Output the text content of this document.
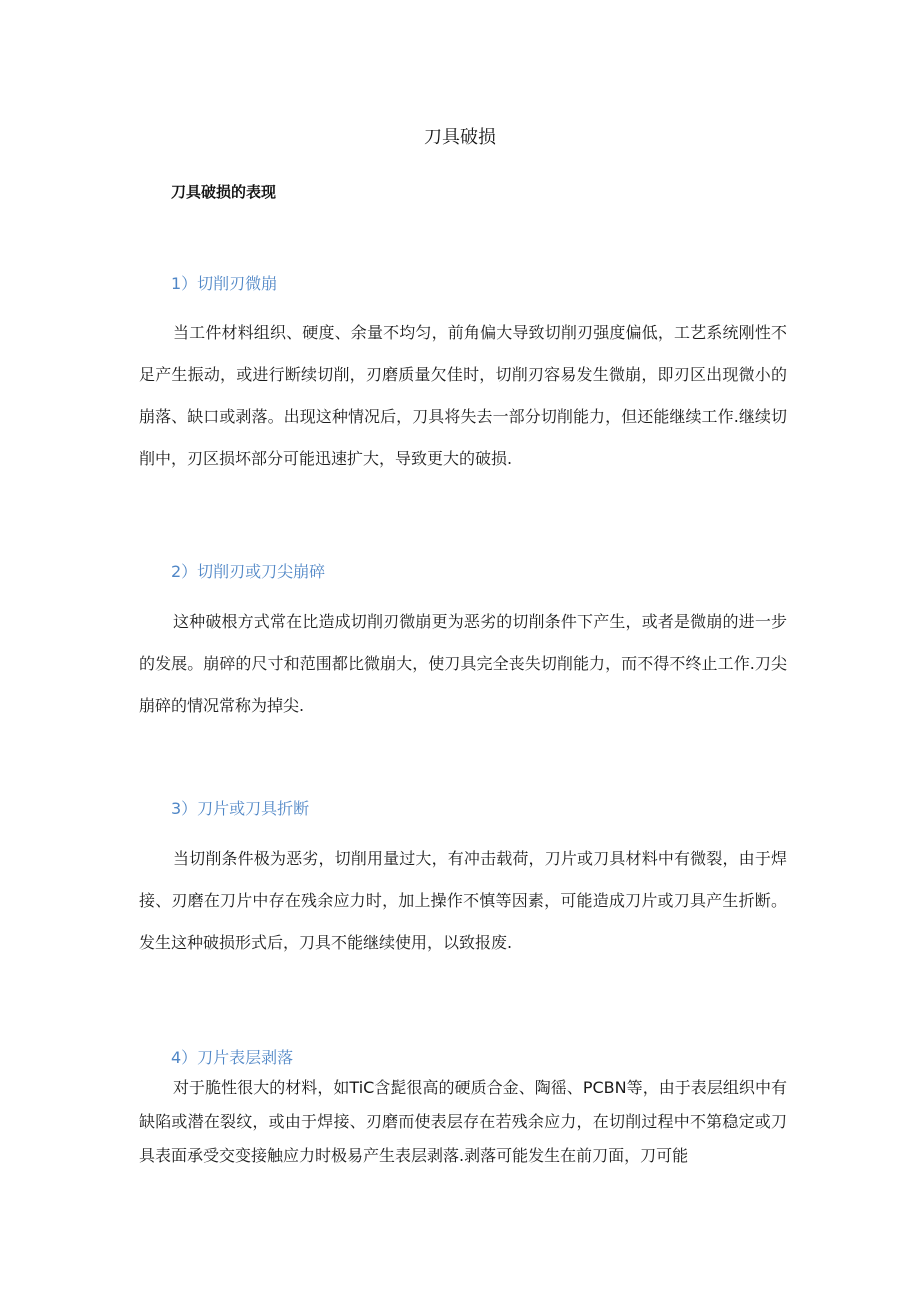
刀具破损
刀具破损的表现
1）切削刃微崩

当工件材料组织、硬度、余量不均匀，前角偏大导致切削刃强度偏低，工艺系统刚性不足产生振动，或进行断续切削，刃磨质量欠佳时，切削刃容易发生微崩，即刃区出现微小的崩落、缺口或剥落。出现这种情况后，刀具将失去一部分切削能力，但还能继续工作.继续切削中，刃区损坏部分可能迅速扩大，导致更大的破损.

2）切削刃或刀尖崩碎

这种破根方式常在比造成切削刃微崩更为恶劣的切削条件下产生，或者是微崩的进一步的发展。崩碎的尺寸和范围都比微崩大，使刀具完全丧失切削能力，而不得不终止工作.刀尖崩碎的情况常称为掉尖.

3）刀片或刀具折断

当切削条件极为恶劣，切削用量过大，有冲击载荷，刀片或刀具材料中有微裂，由于焊接、刃磨在刀片中存在残余应力时，加上操作不慎等因素，可能造成刀片或刀具产生折断。发生这种破损形式后，刀具不能继续使用，以致报废.

4）刀片表层剥落

对于脆性很大的材料，如TiC含髭很高的硬质合金、陶徭、PCBN等，由于表层组织中有缺陷或潜在裂纹，或由于焊接、刃磨而使表层存在若残余应力，在切削过程中不第稳定或刀具表面承受交变接触应力时极易产生表层剥落.剥落可能发生在前刀面，刀可能
